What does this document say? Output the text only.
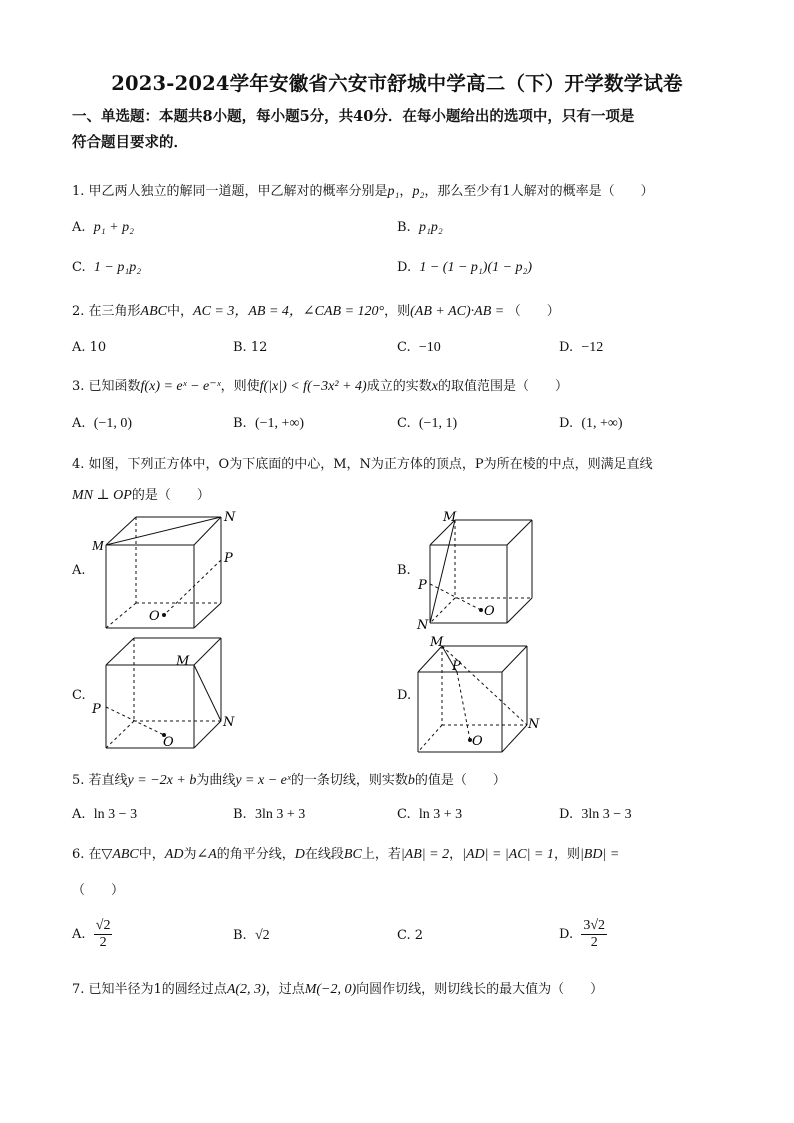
2023-2024学年安徽省六安市舒城中学高二（下）开学数学试卷
一、单选题：本题共8小题，每小题5分，共40分．在每小题给出的选项中，只有一项是
符合题目要求的．
1. 甲乙两人独立的解同一道题，甲乙解对的概率分别是p₁，p₂，那么至少有1人解对的概率是（　　）
A. p₁ + p₂	B. p₁p₂
C. 1 − p₁p₂	D. 1 − (1 − p₁)(1 − p₂)
2. 在三角形ABC中，AC = 3，AB = 4，∠CAB = 120°，则(AB + AC)·AB = （　　）
A. 10	B. 12	C. −10	D. −12
3. 已知函数f(x) = eˣ − e⁻ˣ，则使f(|x|) < f(−3x² + 4)成立的实数x的取值范围是（　　）
A. (−1, 0)	B. (−1, +∞)	C. (−1, 1)	D. (1, +∞)
4. 如图，下列正方体中，O为下底面的中心，M，N为正方体的顶点，P为所在棱的中点，则满足直线
MN ⊥ OP的是（　　）
A.
M
N
P
O
B.
M
P
N
O
C.
M
N
P
O
D.
M
P
N
O
5. 若直线y = −2x + b为曲线y = x − eˣ的一条切线，则实数b的值是（　　）
A. ln 3 − 3	B. 3ln 3 + 3	C. ln 3 + 3	D. 3ln 3 − 3
6. 在▽ABC中，AD为∠A的角平分线，D在线段BC上，若|AB| = 2，|AD| = |AC| = 1，则|BD| =
（　　）
A. $\frac{√2}{2}$	B. √2	C. 2	D. $\frac{3√2}{2}$
7. 已知半径为1的圆经过点A(2, 3)，过点M(−2, 0)向圆作切线，则切线长的最大值为（　　）
